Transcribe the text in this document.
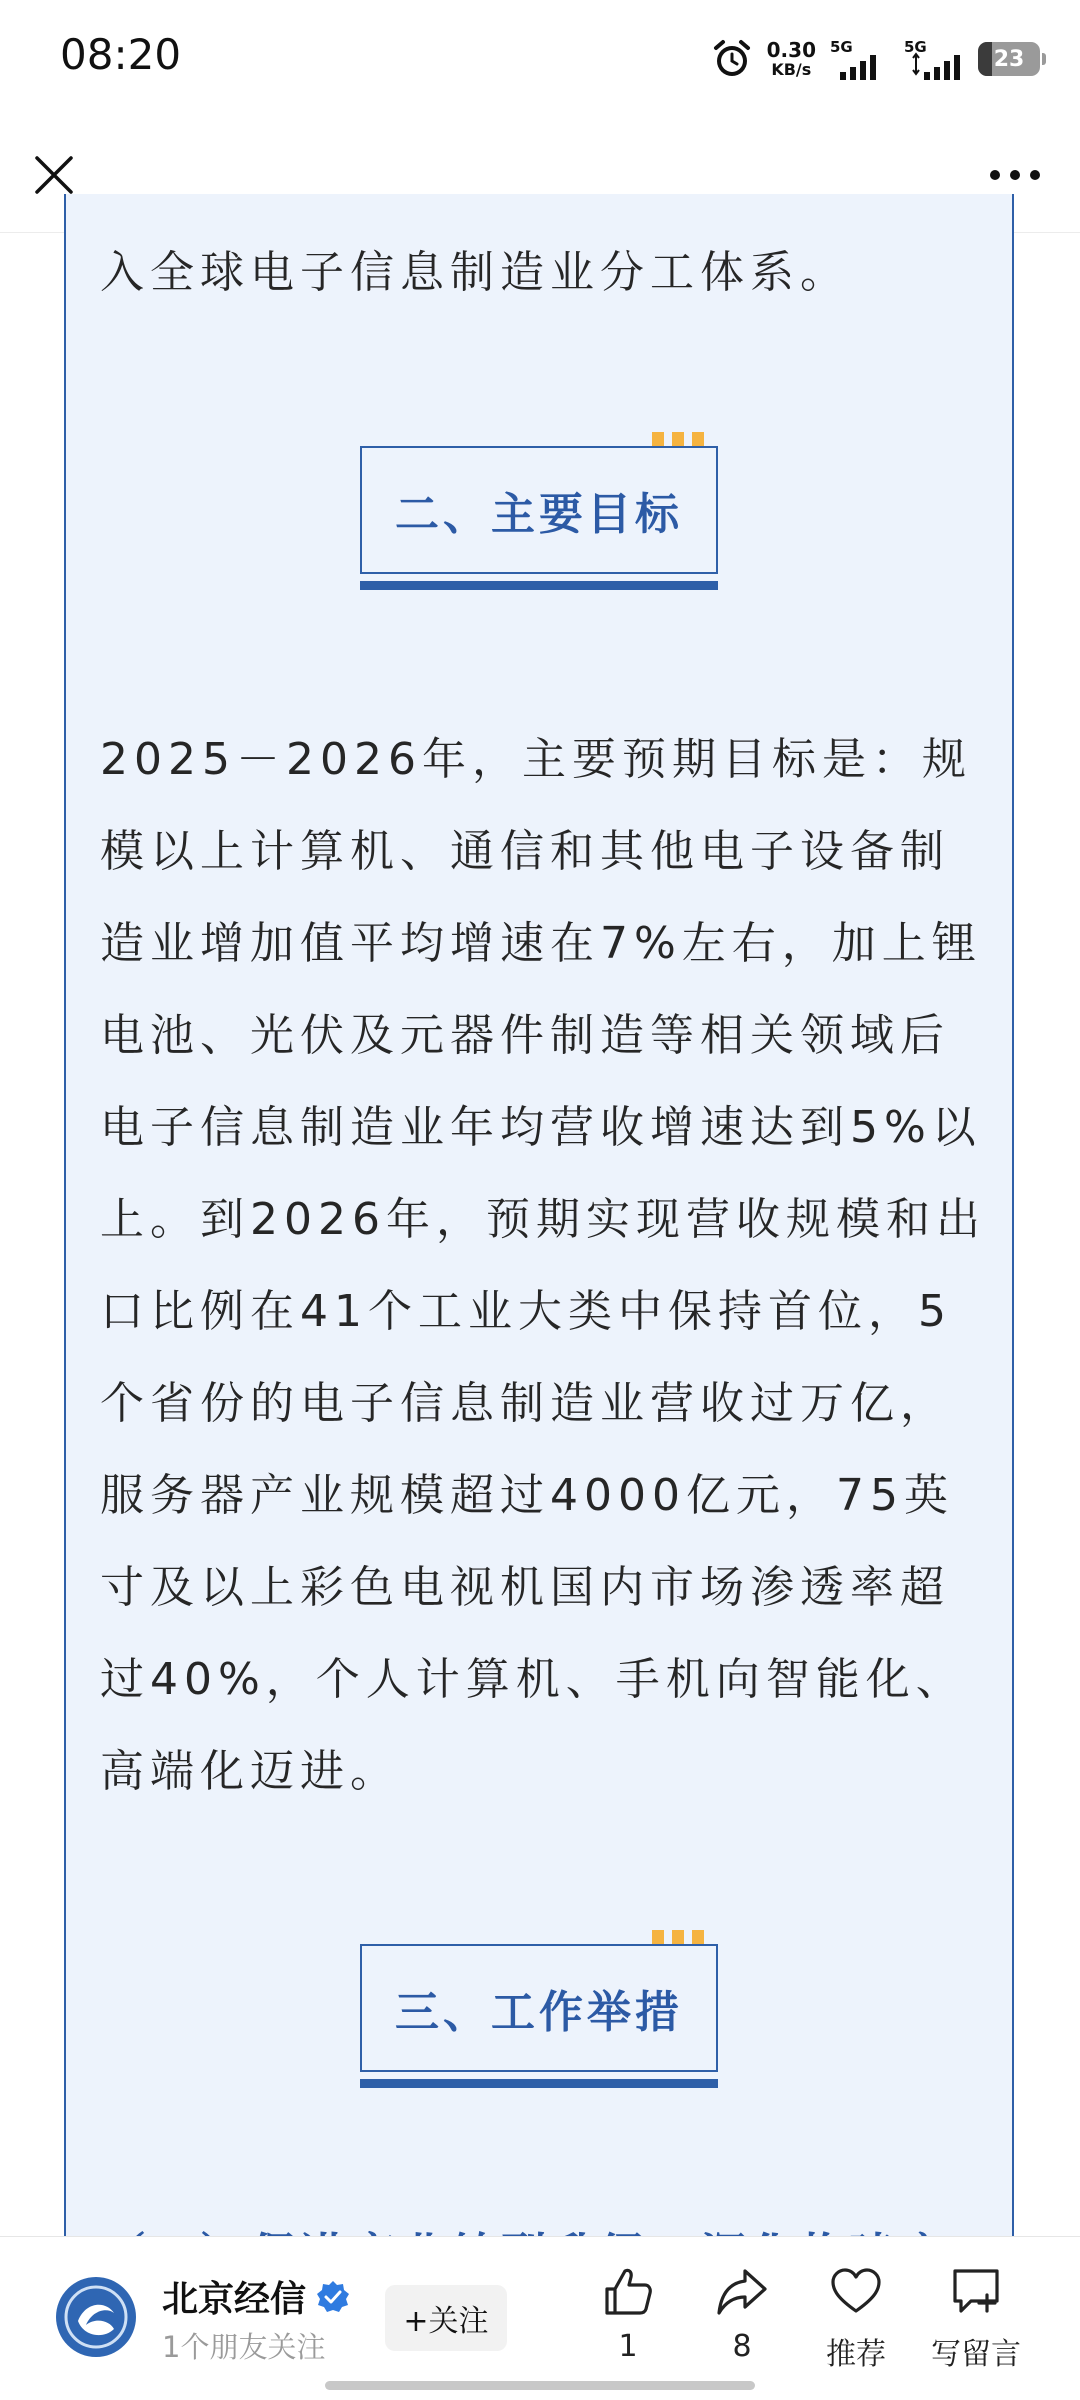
08:20	0.30
KB/s
5G	5G	23
入全球电子信息制造业分工体系。
二、主要目标
2025－2026年，主要预期目标是：规
模以上计算机、通信和其他电子设备制
造业增加值平均增速在7%左右，加上锂
电池、光伏及元器件制造等相关领域后
电子信息制造业年均营收增速达到5%以
上。到2026年，预期实现营收规模和出
口比例在41个工业大类中保持首位，5
个省份的电子信息制造业营收过万亿，
服务器产业规模超过4000亿元，75英
寸及以上彩色电视机国内市场渗透率超
过40%，个人计算机、手机向智能化、
高端化迈进。
三、工作举措
北京经信
1个朋友关注
+关注
1	8 推荐 写留言
